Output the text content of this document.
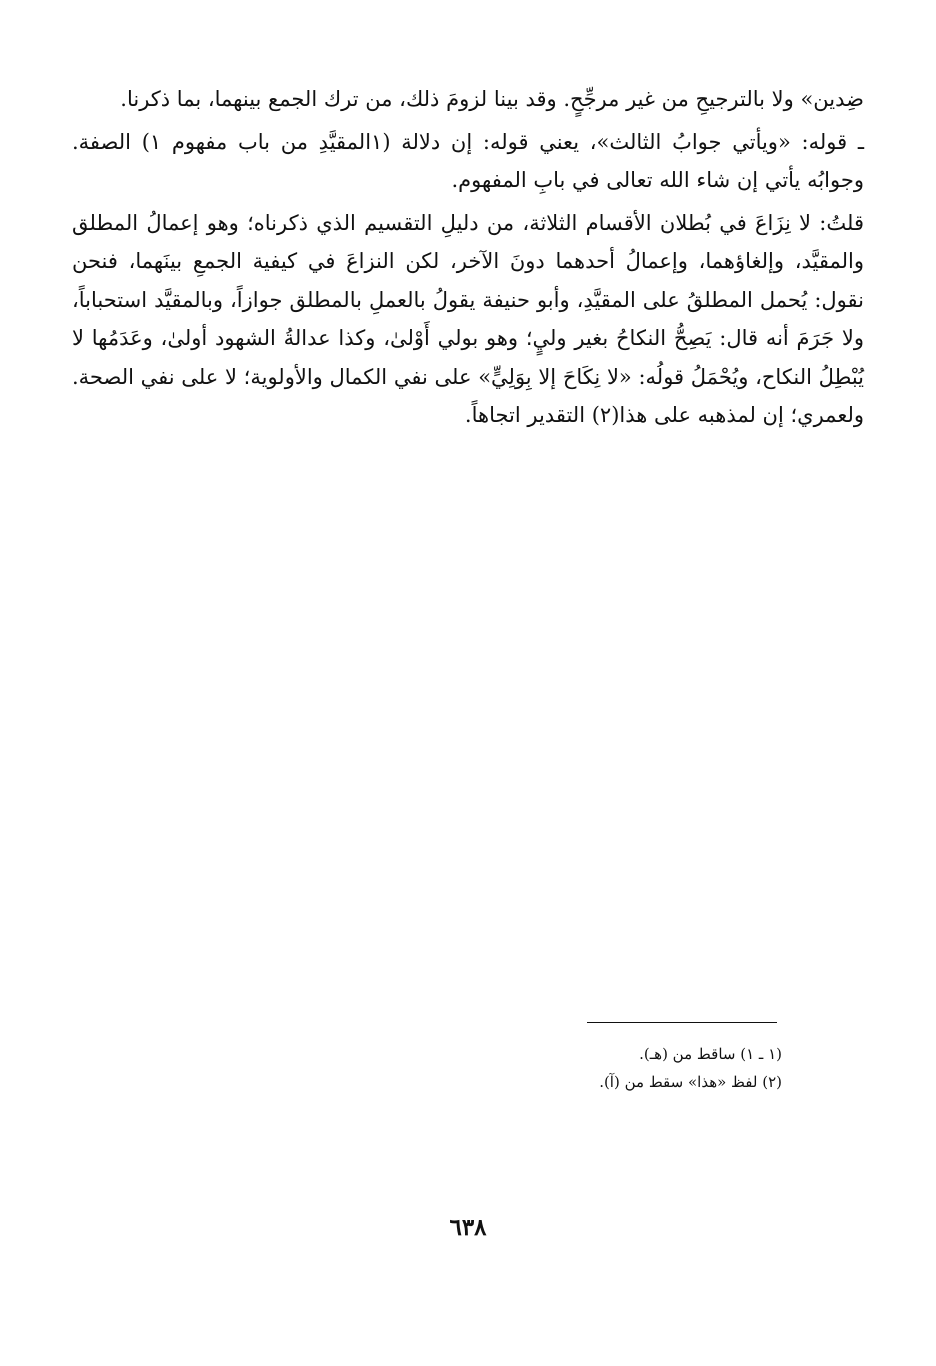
ضِدين» ولا بالترجيحِ من غير مرجِّحٍ. وقد بينا لزومَ ذلك، من ترك الجمع بينهما، بما ذكرنا.

ـ قوله: «ويأتي جوابُ الثالث»، يعني قوله: إن دلالة (١المقيَّدِ من باب مفهوم ١) الصفة. وجوابُه يأتي إن شاء الله تعالى في بابِ المفهوم.

قلتُ: لا نِزَاعَ في بُطلان الأقسام الثلاثة، من دليلِ التقسيم الذي ذكرناه؛ وهو إعمالُ المطلق والمقيَّد، وإلغاؤهما، وإعمالُ أحدهما دونَ الآخر، لكن النزاعَ في كيفية الجمعِ بينَهما، فنحن نقول: يُحمل المطلقُ على المقيَّدِ، وأبو حنيفة يقولُ بالعملِ بالمطلق جوازاً، وبالمقيَّد استحباباً، ولا جَرَمَ أنه قال: يَصِحُّ النكاحُ بغير وليٍ؛ وهو بولي أَوْلىٰ، وكذا عدالةُ الشهود أولىٰ، وعَدَمُها لا يُبْطِلُ النكاح، ويُحْمَلُ قولُه: «لا نِكَاحَ إلا بِوَلِيٍّ» على نفي الكمال والأولوية؛ لا على نفي الصحة. ولعمري؛ إن لمذهبه على هذا(٢) التقدير اتجاهاً.

(١ ـ ١) ساقط من (هـ).

(٢) لفظ «هذا» سقط من (آ).

٦٣٨
